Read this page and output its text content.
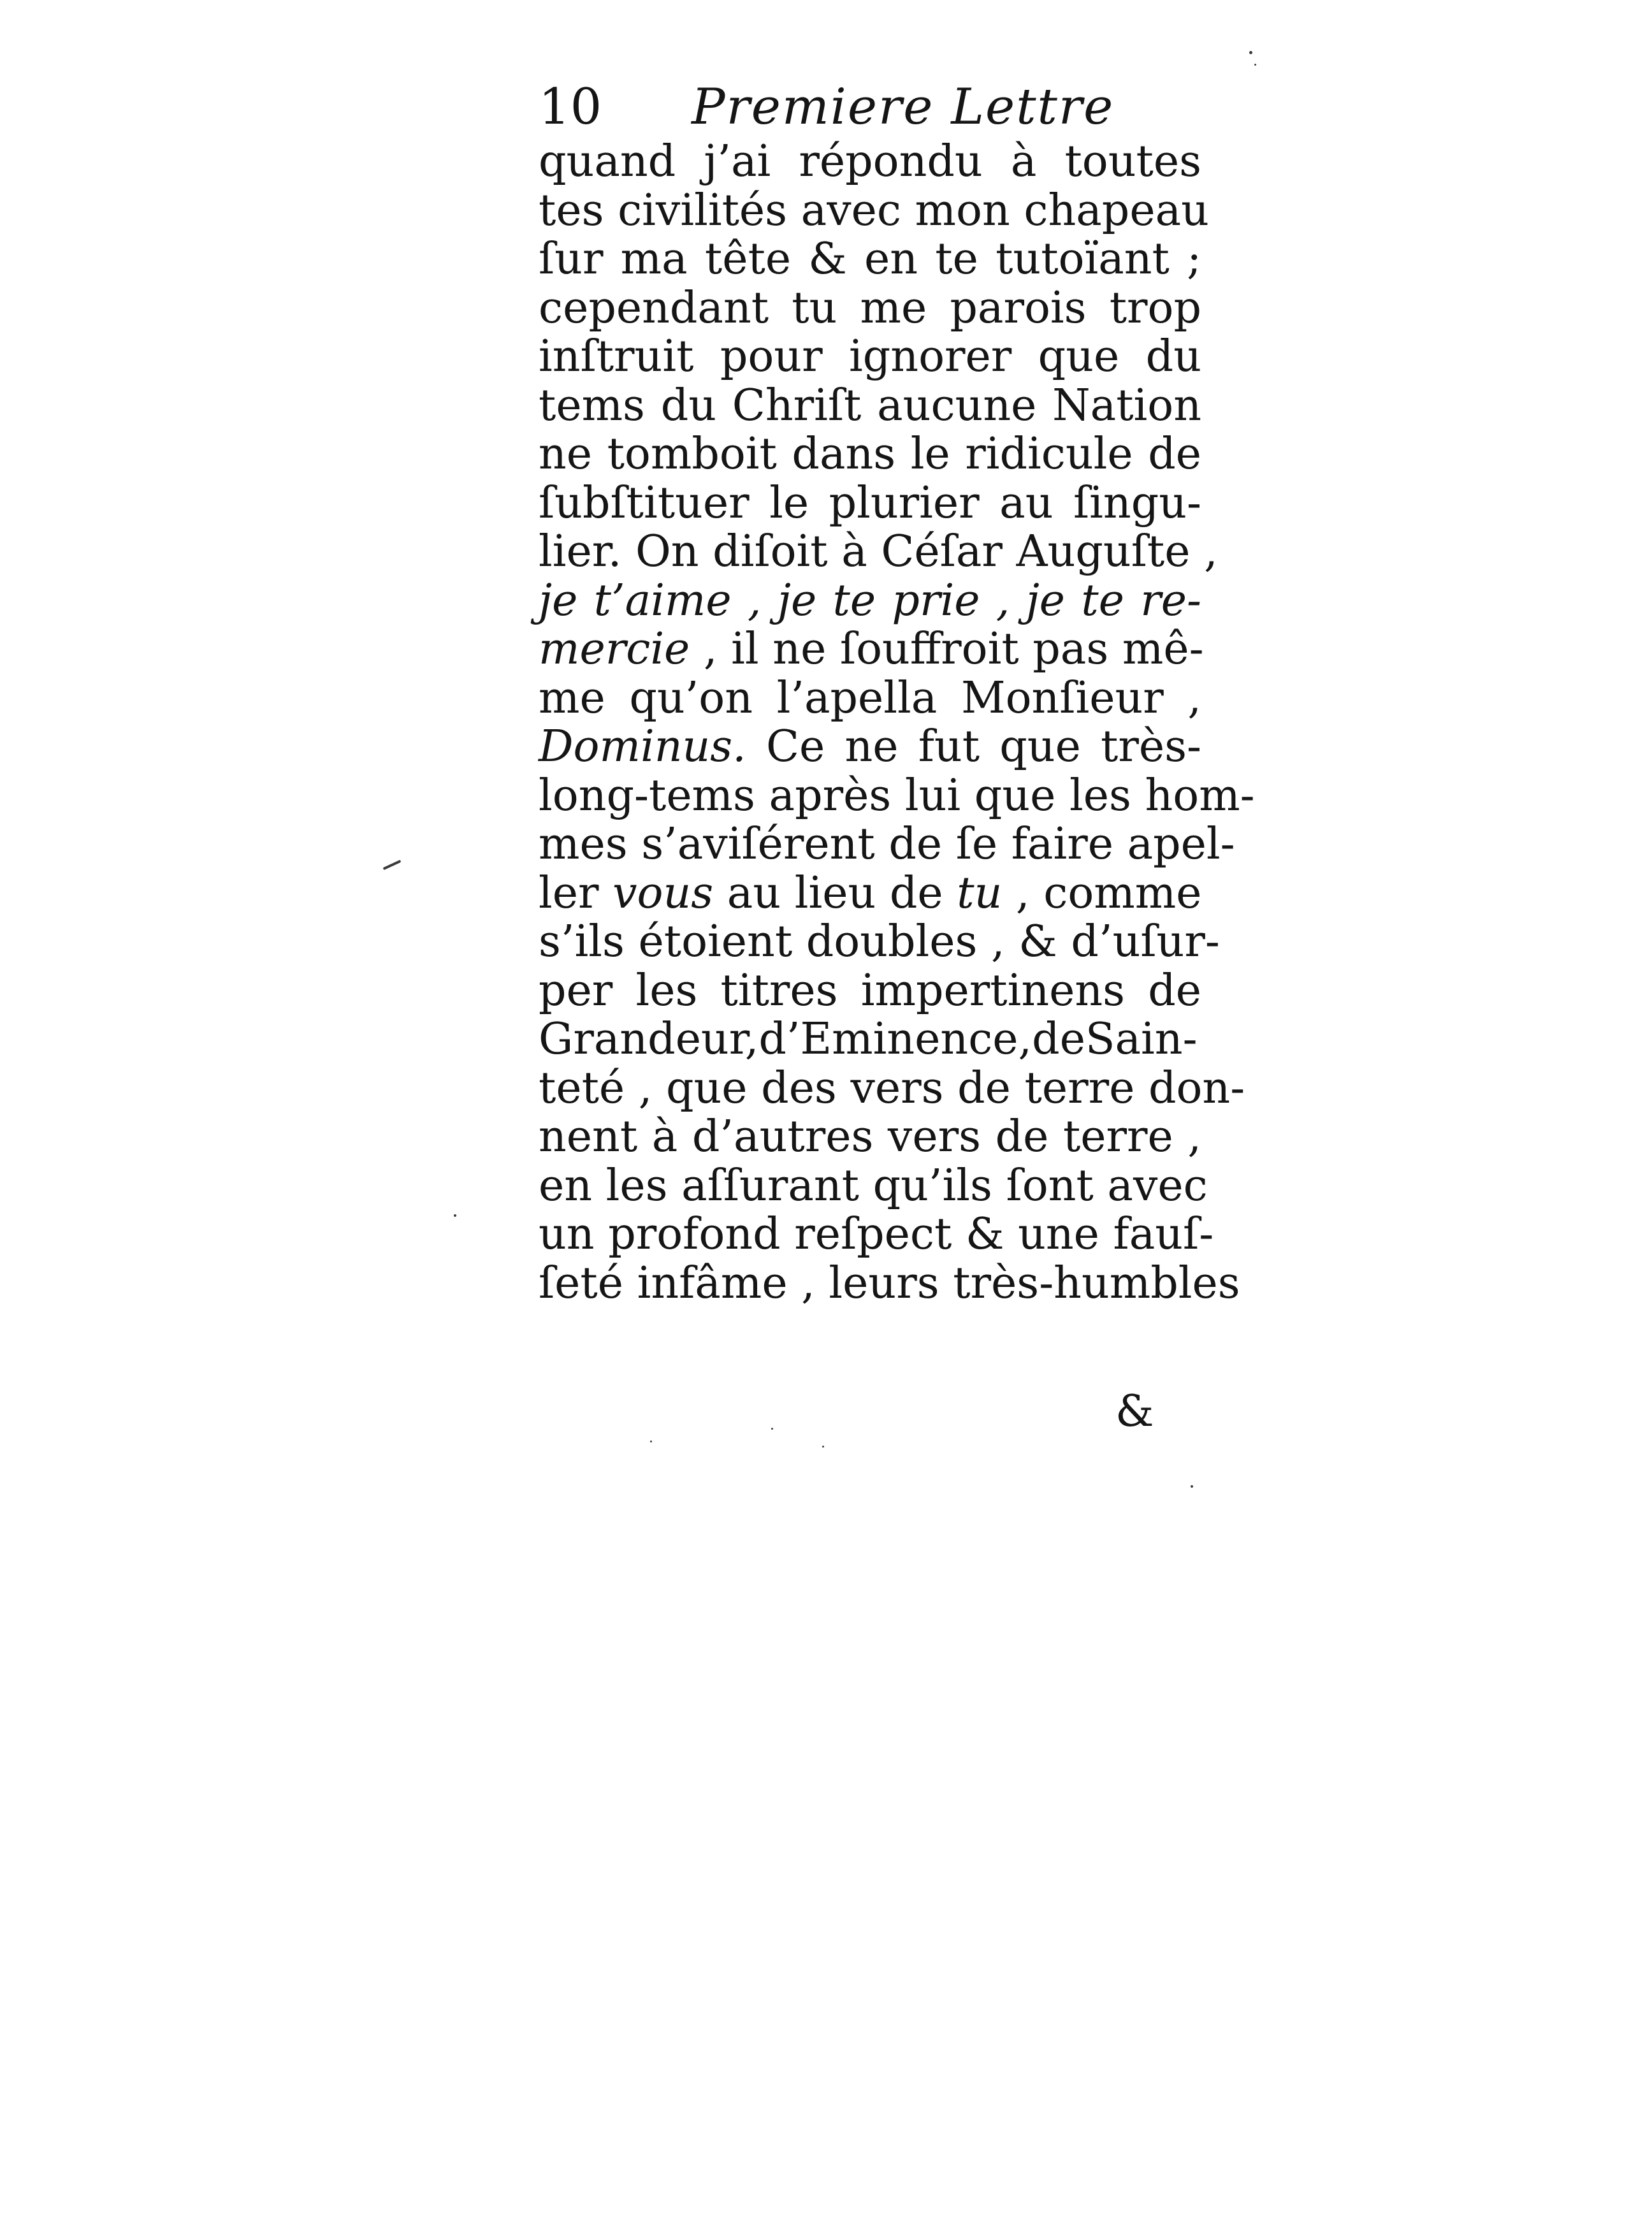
10 Premiere Lettre
quand j’ai répondu à toutes
tes civilités avec mon chapeau
ſur ma tête & en te tutoïant ;
cependant tu me parois trop
inſtruit pour ignorer que du
tems du Chriſt aucune Nation
ne tomboit dans le ridicule de
ſubſtituer le plurier au ſingu-
lier. On diſoit à Céſar Auguſte ,
je t’aime , je te prie , je te re-
mercie , il ne ſouffroit pas mê-
me qu’on l’apella Monſieur ,
Dominus. Ce ne fut que très-
long-tems après lui que les hom-
mes s’aviſérent de ſe faire apel-
ler vous au lieu de tu , comme
s’ils étoient doubles , & d’uſur-
per les titres impertinens de
Grandeur,d’Eminence,deSain-
teté , que des vers de terre don-
nent à d’autres vers de terre ,
en les aſſurant qu’ils ſont avec
un profond reſpect & une fauſ-
ſeté infâme , leurs très-humbles
&
